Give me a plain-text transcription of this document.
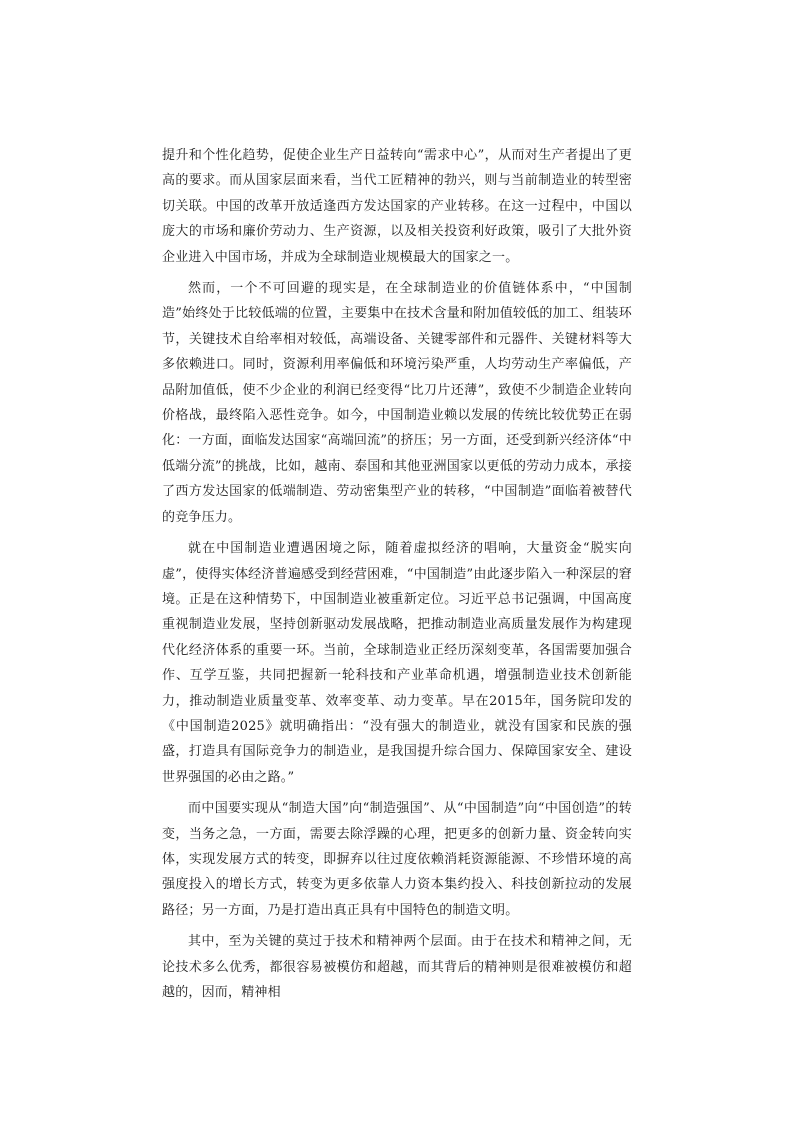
提升和个性化趋势，促使企业生产日益转向“需求中心”，从而对生产者提出了更高的要求。而从国家层面来看，当代工匠精神的勃兴，则与当前制造业的转型密切关联。中国的改革开放适逢西方发达国家的产业转移。在这一过程中，中国以庞大的市场和廉价劳动力、生产资源，以及相关投资利好政策，吸引了大批外资企业进入中国市场，并成为全球制造业规模最大的国家之一。

然而，一个不可回避的现实是，在全球制造业的价值链体系中，“中国制造”始终处于比较低端的位置，主要集中在技术含量和附加值较低的加工、组装环节，关键技术自给率相对较低，高端设备、关键零部件和元器件、关键材料等大多依赖进口。同时，资源利用率偏低和环境污染严重，人均劳动生产率偏低，产品附加值低，使不少企业的利润已经变得“比刀片还薄”，致使不少制造企业转向价格战，最终陷入恶性竞争。如今，中国制造业赖以发展的传统比较优势正在弱化：一方面，面临发达国家“高端回流”的挤压；另一方面，还受到新兴经济体“中低端分流”的挑战，比如，越南、泰国和其他亚洲国家以更低的劳动力成本，承接了西方发达国家的低端制造、劳动密集型产业的转移，“中国制造”面临着被替代的竞争压力。

就在中国制造业遭遇困境之际，随着虚拟经济的唱响，大量资金“脱实向虚”，使得实体经济普遍感受到经营困难，“中国制造”由此逐步陷入一种深层的窘境。正是在这种情势下，中国制造业被重新定位。习近平总书记强调，中国高度重视制造业发展，坚持创新驱动发展战略，把推动制造业高质量发展作为构建现代化经济体系的重要一环。当前，全球制造业正经历深刻变革，各国需要加强合作、互学互鉴，共同把握新一轮科技和产业革命机遇，增强制造业技术创新能力，推动制造业质量变革、效率变革、动力变革。早在2015年，国务院印发的《中国制造2025》就明确指出：“没有强大的制造业，就没有国家和民族的强盛，打造具有国际竞争力的制造业，是我国提升综合国力、保障国家安全、建设世界强国的必由之路。”

而中国要实现从“制造大国”向“制造强国”、从“中国制造”向“中国创造”的转变，当务之急，一方面，需要去除浮躁的心理，把更多的创新力量、资金转向实体，实现发展方式的转变，即摒弃以往过度依赖消耗资源能源、不珍惜环境的高强度投入的增长方式，转变为更多依靠人力资本集约投入、科技创新拉动的发展路径；另一方面，乃是打造出真正具有中国特色的制造文明。

其中，至为关键的莫过于技术和精神两个层面。由于在技术和精神之间，无论技术多么优秀，都很容易被模仿和超越，而其背后的精神则是很难被模仿和超越的，因而，精神相
